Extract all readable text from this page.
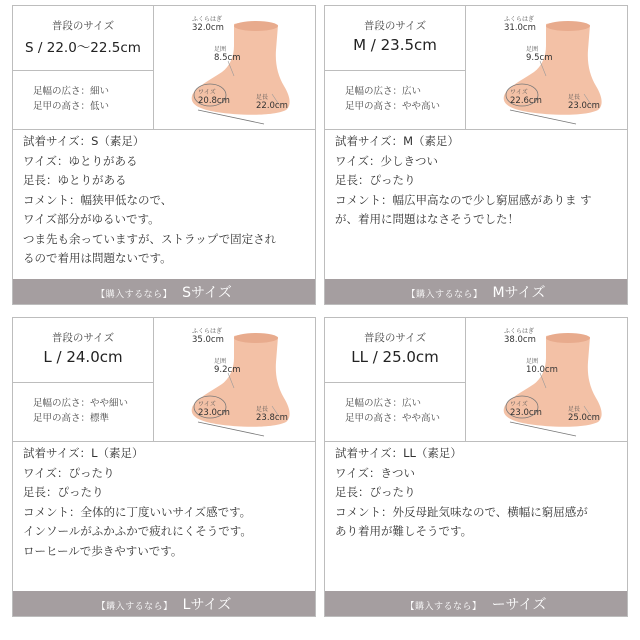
普段のサイズ
S / 22.0～22.5cm
足幅の広さ：細い
足甲の高さ：低い
ふくらはぎ
32.0cm
足囲
8.5cm
ワイズ
20.8cm	足長
22.0cm

試着サイズ：S（素足）

ワイズ：ゆとりがある

足長：ゆとりがある

コメント：幅狭甲低なので、

ワイズ部分がゆるいです。

つま先も余っていますが、ストラップで固定され

るので着用は問題ないです。

【購入するなら】 Sサイズ
普段のサイズ
M / 23.5cm
足幅の広さ：広い
足甲の高さ：やや高い
ふくらはぎ
31.0cm
足囲
9.5cm
ワイズ
22.6cm	足長
23.0cm

試着サイズ：M（素足）

ワイズ：少しきつい

足長：ぴったり

コメント：幅広甲高なので少し窮屈感がありま す

が、着用に問題はなさそうでした！

【購入するなら】 Mサイズ
普段のサイズ
L / 24.0cm
足幅の広さ：やや細い
足甲の高さ：標準
ふくらはぎ
35.0cm
足囲
9.2cm
ワイズ
23.0cm	足長
23.8cm

試着サイズ：L（素足）

ワイズ：ぴったり

足長：ぴったり

コメント：全体的に丁度いいサイズ感です。

インソールがふかふかで疲れにくそうです。

ローヒールで歩きやすいです。

【購入するなら】 Lサイズ
普段のサイズ
LL / 25.0cm
足幅の広さ：広い
足甲の高さ：やや高い
ふくらはぎ
38.0cm
足囲
10.0cm
ワイズ
23.0cm	足長
25.0cm

試着サイズ：LL（素足）

ワイズ：きつい

足長：ぴったり

コメント：外反母趾気味なので、横幅に窮屈感が

あり着用が難しそうです。

【購入するなら】 ーサイズ
